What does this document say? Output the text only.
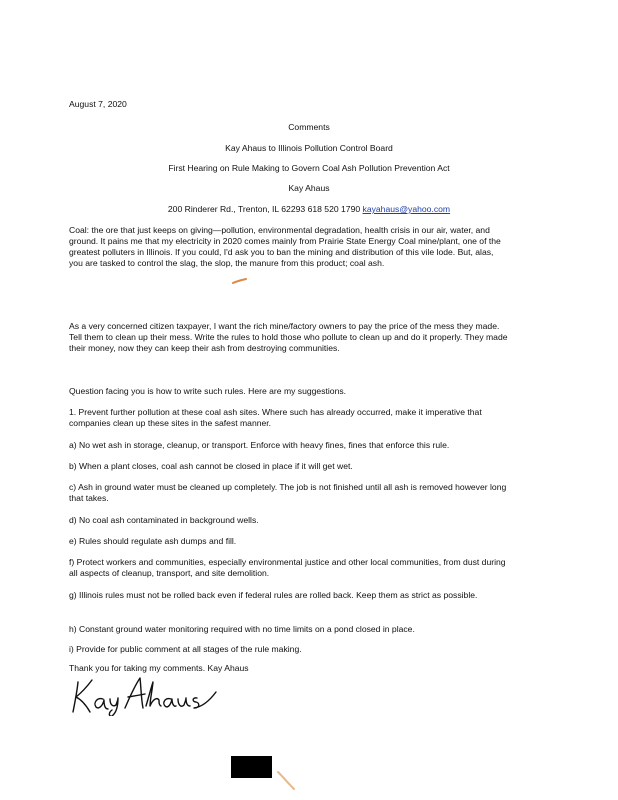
August 7, 2020
Comments
Kay Ahaus to Illinois Pollution Control Board
First Hearing on Rule Making to Govern Coal Ash Pollution Prevention Act
Kay Ahaus
200 Rinderer Rd., Trenton, IL 62293 618 520 1790 kayahaus@yahoo.com

Coal: the ore that just keeps on giving—pollution, environmental degradation, health crisis in our air, water, and ground. It pains me that my electricity in 2020 comes mainly from Prairie State Energy Coal mine/plant, one of the greatest polluters in Illinois. If you could, I'd ask you to ban the mining and distribution of this vile lode. But, alas, you are tasked to control the slag, the slop, the manure from this product; coal ash.

As a very concerned citizen taxpayer, I want the rich mine/factory owners to pay the price of the mess they made. Tell them to clean up their mess. Write the rules to hold those who pollute to clean up and do it properly. They made their money, now they can keep their ash from destroying communities.

Question facing you is how to write such rules. Here are my suggestions.

1. Prevent further pollution at these coal ash sites. Where such has already occurred, make it imperative that companies clean up these sites in the safest manner.

a) No wet ash in storage, cleanup, or transport. Enforce with heavy fines, fines that enforce this rule.

b) When a plant closes, coal ash cannot be closed in place if it will get wet.

c) Ash in ground water must be cleaned up completely. The job is not finished until all ash is removed however long that takes.

d) No coal ash contaminated in background wells.

e) Rules should regulate ash dumps and fill.

f) Protect workers and communities, especially environmental justice and other local communities, from dust during all aspects of cleanup, transport, and site demolition.

g) Illinois rules must not be rolled back even if federal rules are rolled back. Keep them as strict as possible.

h) Constant ground water monitoring required with no time limits on a pond closed in place.

i) Provide for public comment at all stages of the rule making.

Thank you for taking my comments. Kay Ahaus
